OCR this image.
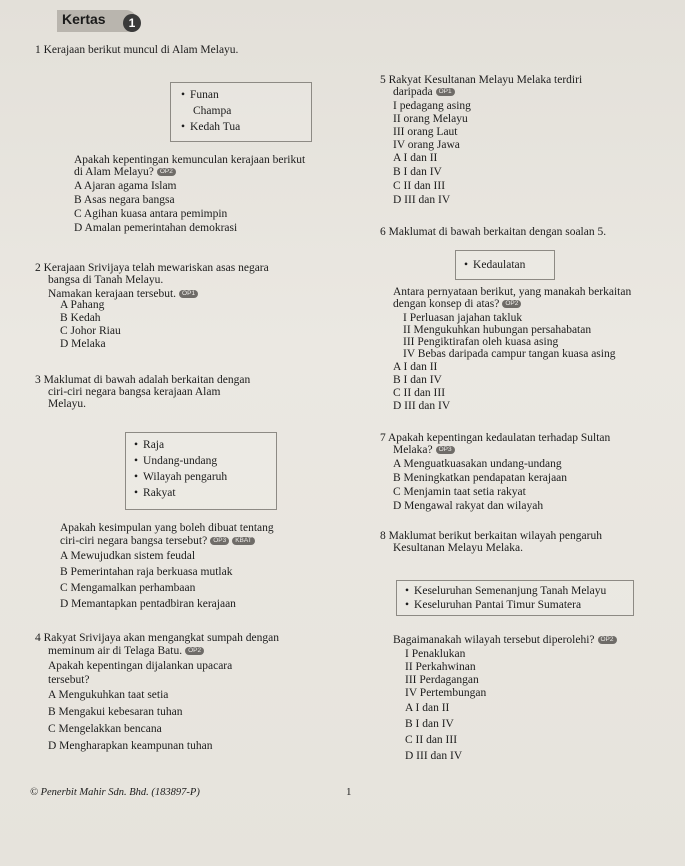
Kertas	1
1 Kerajaan berikut muncul di Alam Melayu.
• Funan
Champa
• Kedah Tua
Apakah kepentingan kemunculan kerajaan berikut
di Alam Melayu? OP2
A Ajaran agama Islam
B Asas negara bangsa
C Agihan kuasa antara pemimpin
D Amalan pemerintahan demokrasi
2 Kerajaan Srivijaya telah mewariskan asas negara
bangsa di Tanah Melayu.
Namakan kerajaan tersebut. OP1
A Pahang
B Kedah
C Johor Riau
D Melaka
3 Maklumat di bawah adalah berkaitan dengan
ciri-ciri negara bangsa kerajaan Alam
Melayu.
• Raja
• Undang-undang
• Wilayah pengaruh
• Rakyat
Apakah kesimpulan yang boleh dibuat tentang
ciri-ciri negara bangsa tersebut? OP3 KBAT
A Mewujudkan sistem feudal
B Pemerintahan raja berkuasa mutlak
C Mengamalkan perhambaan
D Memantapkan pentadbiran kerajaan
4 Rakyat Srivijaya akan mengangkat sumpah dengan
meminum air di Telaga Batu. OP2
Apakah kepentingan dijalankan upacara
tersebut?
A Mengukuhkan taat setia
B Mengakui kebesaran tuhan
C Mengelakkan bencana
D Mengharapkan keampunan tuhan
5 Rakyat Kesultanan Melayu Melaka terdiri
daripada OP1
I pedagang asing
II orang Melayu
III orang Laut
IV orang Jawa
A I dan II
B I dan IV
C II dan III
D III dan IV
6 Maklumat di bawah berkaitan dengan soalan 5.
• Kedaulatan
Antara pernyataan berikut, yang manakah berkaitan
dengan konsep di atas? OP2
I Perluasan jajahan takluk
II Mengukuhkan hubungan persahabatan
III Pengiktirafan oleh kuasa asing
IV Bebas daripada campur tangan kuasa asing
A I dan II
B I dan IV
C II dan III
D III dan IV
7 Apakah kepentingan kedaulatan terhadap Sultan
Melaka? OP3
A Menguatkuasakan undang-undang
B Meningkatkan pendapatan kerajaan
C Menjamin taat setia rakyat
D Mengawal rakyat dan wilayah
8 Maklumat berikut berkaitan wilayah pengaruh
Kesultanan Melayu Melaka.
• Keseluruhan Semenanjung Tanah Melayu
• Keseluruhan Pantai Timur Sumatera
Bagaimanakah wilayah tersebut diperolehi? OP2
I Penaklukan
II Perkahwinan
III Perdagangan
IV Pertembungan
A I dan II
B I dan IV
C II dan III
D III dan IV
© Penerbit Mahir Sdn. Bhd. (183897-P)	1
